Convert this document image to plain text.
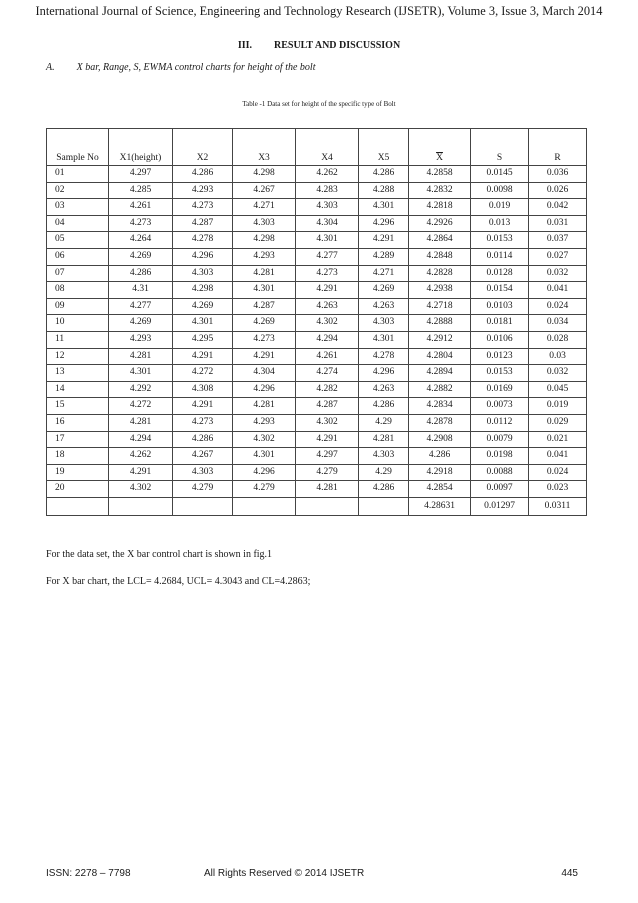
International Journal of Science, Engineering and Technology Research (IJSETR), Volume 3, Issue 3, March 2014
III. RESULT AND DISCUSSION
A. X bar, Range, S, EWMA control charts for height of the bolt
Table -1 Data set for height of the specific type of Bolt
Sample No	X1(height)	X2	X3	X4	X5	$\overline{X}$	S	R
01	4.297	4.286	4.298	4.262	4.286	4.2858	0.0145	0.036
02	4.285	4.293	4.267	4.283	4.288	4.2832	0.0098	0.026
03	4.261	4.273	4.271	4.303	4.301	4.2818	0.019	0.042
04	4.273	4.287	4.303	4.304	4.296	4.2926	0.013	0.031
05	4.264	4.278	4.298	4.301	4.291	4.2864	0.0153	0.037
06	4.269	4.296	4.293	4.277	4.289	4.2848	0.0114	0.027
07	4.286	4.303	4.281	4.273	4.271	4.2828	0.0128	0.032
08	4.31	4.298	4.301	4.291	4.269	4.2938	0.0154	0.041
09	4.277	4.269	4.287	4.263	4.263	4.2718	0.0103	0.024
10	4.269	4.301	4.269	4.302	4.303	4.2888	0.0181	0.034
11	4.293	4.295	4.273	4.294	4.301	4.2912	0.0106	0.028
12	4.281	4.291	4.291	4.261	4.278	4.2804	0.0123	0.03
13	4.301	4.272	4.304	4.274	4.296	4.2894	0.0153	0.032
14	4.292	4.308	4.296	4.282	4.263	4.2882	0.0169	0.045
15	4.272	4.291	4.281	4.287	4.286	4.2834	0.0073	0.019
16	4.281	4.273	4.293	4.302	4.29	4.2878	0.0112	0.029
17	4.294	4.286	4.302	4.291	4.281	4.2908	0.0079	0.021
18	4.262	4.267	4.301	4.297	4.303	4.286	0.0198	0.041
19	4.291	4.303	4.296	4.279	4.29	4.2918	0.0088	0.024
20	4.302	4.279	4.279	4.281	4.286	4.2854	0.0097	0.023
						4.28631	0.01297	0.0311
For the data set, the X bar control chart is shown in fig.1
For X bar chart, the LCL= 4.2684, UCL= 4.3043 and CL=4.2863;
ISSN: 2278 – 7798	All Rights Reserved © 2014 IJSETR	445
